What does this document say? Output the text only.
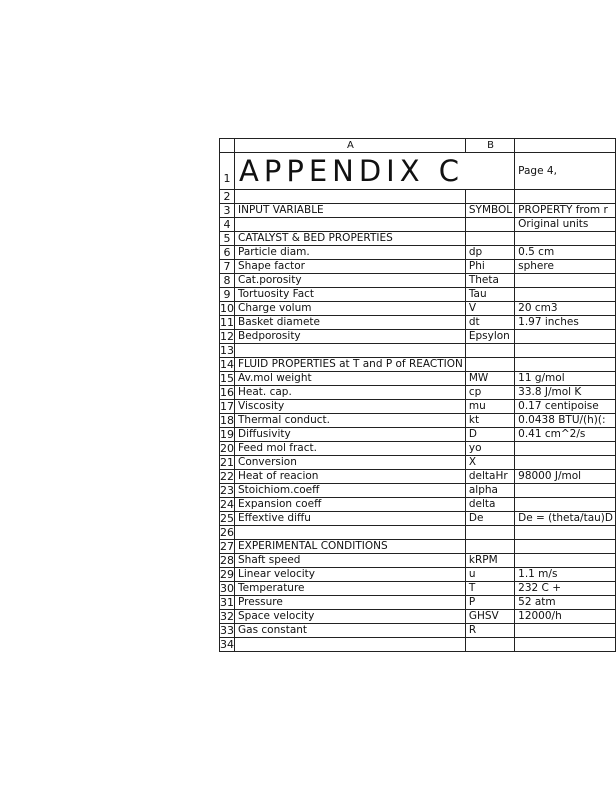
	A	B	
1	APPENDIX C		Page 4,
2			
3	INPUT VARIABLE	SYMBOL	PROPERTY from r
4			Original units
5	CATALYST & BED PROPERTIES		
6	Particle diam.	dp	0.5 cm
7	Shape factor	Phi	sphere
8	Cat.porosity	Theta	
9	Tortuosity Fact	Tau	
10	Charge volum	V	20 cm3
11	Basket diamete	dt	1.97 inches
12	Bedporosity	Epsylon	
13			
14	FLUID PROPERTIES at T and P of REACTION		
15	Av.mol weight	MW	11 g/mol
16	Heat. cap.	cp	33.8 J/mol K
17	Viscosity	mu	0.17 centipoise
18	Thermal conduct.	kt	0.0438 BTU/(h)(:
19	Diffusivity	D	0.41 cm^2/s
20	Feed mol fract.	yo	
21	Conversion	X	
22	Heat of reacion	deltaHr	98000 J/mol
23	Stoichiom.coeff	alpha	
24	Expansion coeff	delta	
25	Effextive diffu	De	De = (theta/tau)D
26			
27	EXPERIMENTAL CONDITIONS		
28	Shaft speed	kRPM	
29	Linear velocity	u	1.1 m/s
30	Temperature	T	232 C +
31	Pressure	P	52 atm
32	Space velocity	GHSV	12000/h
33	Gas constant	R	
34			
